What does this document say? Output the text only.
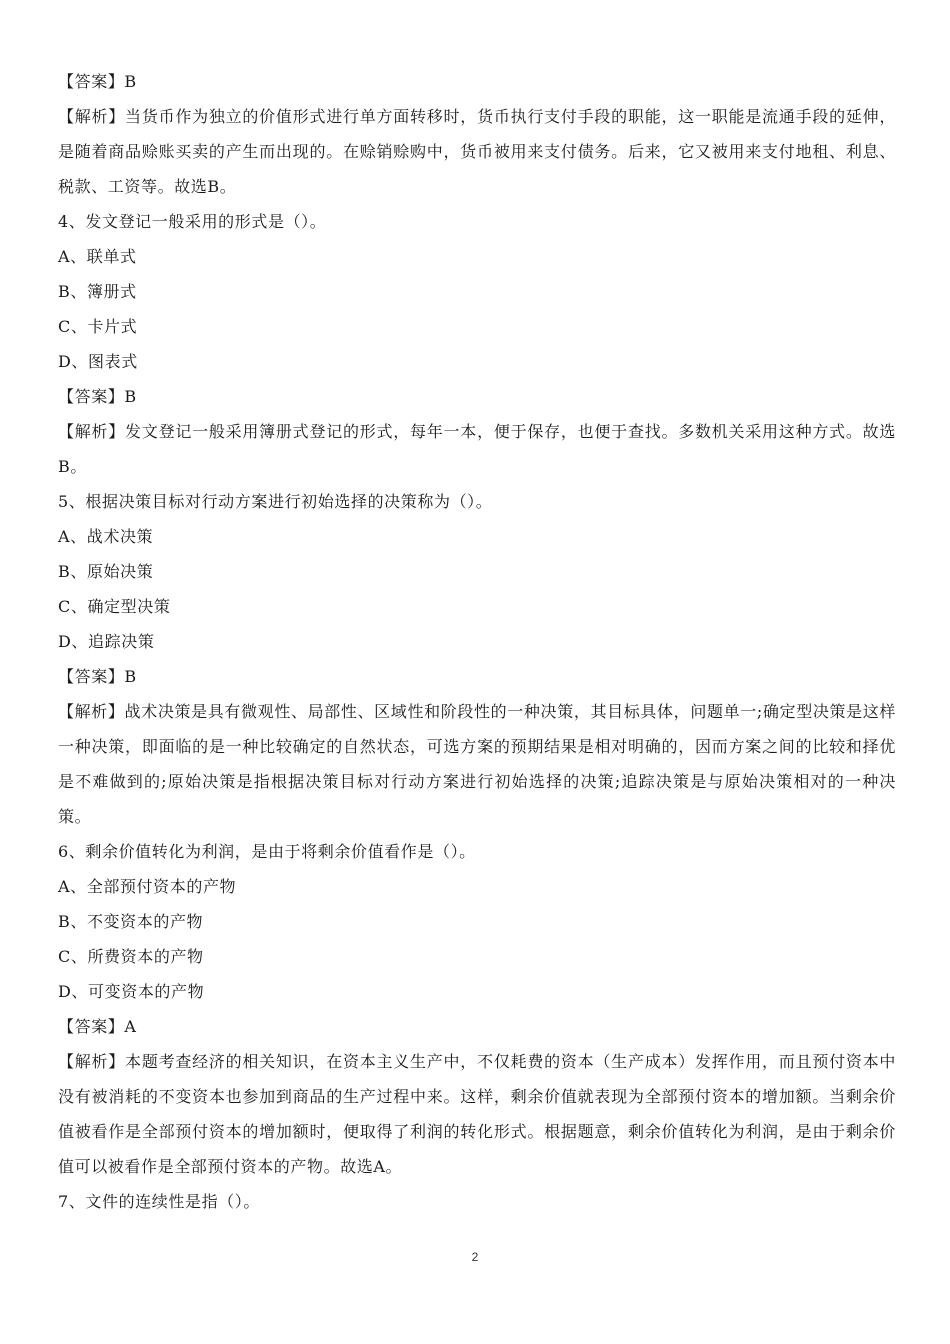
【答案】B
【解析】当货币作为独立的价值形式进行单方面转移时，货币执行支付手段的职能，这一职能是流通手段的延伸，是随着商品赊账买卖的产生而出现的。在赊销赊购中，货币被用来支付债务。后来，它又被用来支付地租、利息、税款、工资等。故选B。
4、发文登记一般采用的形式是（）。
A、联单式
B、簿册式
C、卡片式
D、图表式
【答案】B
【解析】发文登记一般采用簿册式登记的形式，每年一本，便于保存，也便于查找。多数机关采用这种方式。故选B。
5、根据决策目标对行动方案进行初始选择的决策称为（）。
A、战术决策
B、原始决策
C、确定型决策
D、追踪决策
【答案】B
【解析】战术决策是具有微观性、局部性、区域性和阶段性的一种决策，其目标具体，问题单一;确定型决策是这样一种决策，即面临的是一种比较确定的自然状态，可选方案的预期结果是相对明确的，因而方案之间的比较和择优是不难做到的;原始决策是指根据决策目标对行动方案进行初始选择的决策;追踪决策是与原始决策相对的一种决策。
6、剩余价值转化为利润，是由于将剩余价值看作是（）。
A、全部预付资本的产物
B、不变资本的产物
C、所费资本的产物
D、可变资本的产物
【答案】A
【解析】本题考查经济的相关知识，在资本主义生产中，不仅耗费的资本（生产成本）发挥作用，而且预付资本中没有被消耗的不变资本也参加到商品的生产过程中来。这样，剩余价值就表现为全部预付资本的增加额。当剩余价值被看作是全部预付资本的增加额时，便取得了利润的转化形式。根据题意，剩余价值转化为利润，是由于剩余价值可以被看作是全部预付资本的产物。故选A。
7、文件的连续性是指（）。
2
